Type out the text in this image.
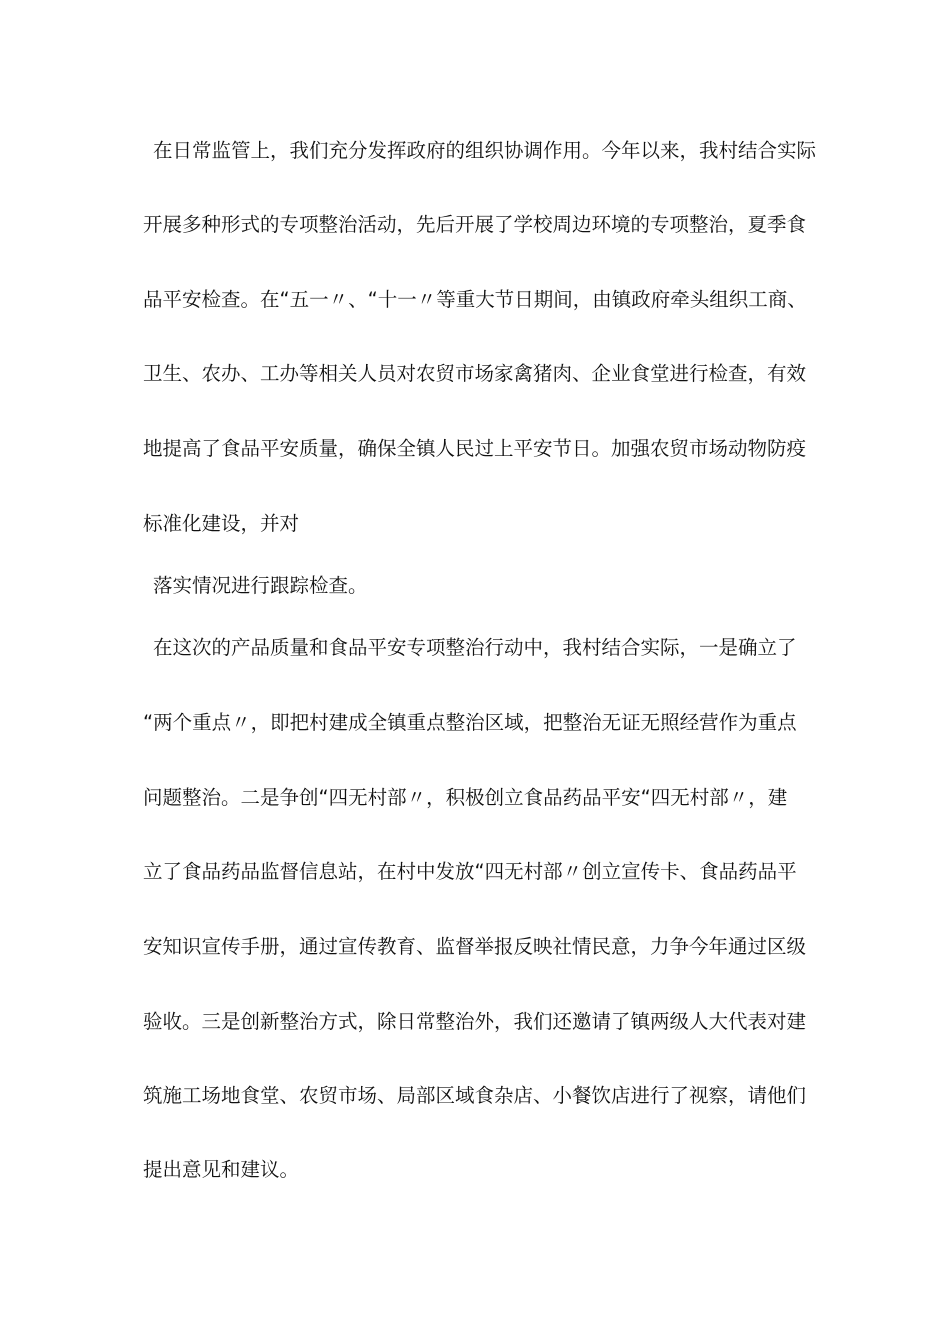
在日常监管上，我们充分发挥政府的组织协调作用。今年以来，我村结合实际
开展多种形式的专项整治活动，先后开展了学校周边环境的专项整治，夏季食
品平安检查。在“五一〃、“十一〃等重大节日期间，由镇政府牵头组织工商、
卫生、农办、工办等相关人员对农贸市场家禽猪肉、企业食堂进行检查，有效
地提高了食品平安质量，确保全镇人民过上平安节日。加强农贸市场动物防疫
标准化建设，并对
落实情况进行跟踪检查。
在这次的产品质量和食品平安专项整治行动中，我村结合实际，一是确立了
“两个重点〃，即把村建成全镇重点整治区域，把整治无证无照经营作为重点
问题整治。二是争创“四无村部〃，积极创立食品药品平安“四无村部〃，建
立了食品药品监督信息站，在村中发放“四无村部〃创立宣传卡、食品药品平
安知识宣传手册，通过宣传教育、监督举报反映社情民意，力争今年通过区级
验收。三是创新整治方式，除日常整治外，我们还邀请了镇两级人大代表对建
筑施工场地食堂、农贸市场、局部区域食杂店、小餐饮店进行了视察，请他们
提出意见和建议。
